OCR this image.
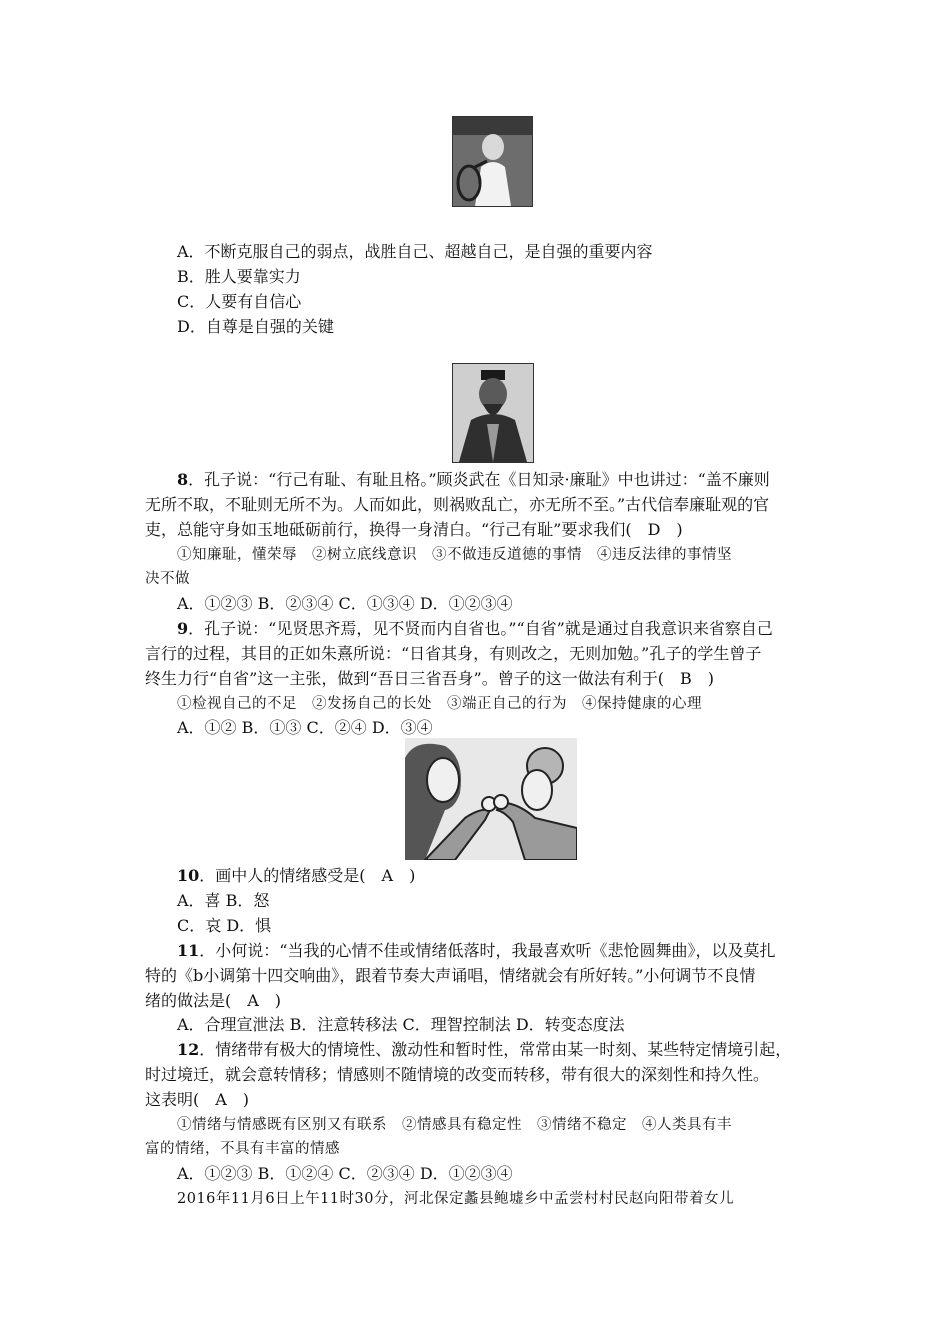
A．不断克服自己的弱点，战胜自己、超越自己，是自强的重要内容
B．胜人要靠实力
C．人要有自信心
D．自尊是自强的关键
8．孔子说：“行己有耻、有耻且格。”顾炎武在《日知录·廉耻》中也讲过：“盖不廉则
无所不取，不耻则无所不为。人而如此，则祸败乱亡，亦无所不至。”古代信奉廉耻观的官
吏，总能守身如玉地砥砺前行，换得一身清白。“行己有耻”要求我们(　D　)
①知廉耻，懂荣辱　②树立底线意识　③不做违反道德的事情　④违反法律的事情坚
决不做
A．①②③ B．②③④ C．①③④ D．①②③④
9．孔子说：“见贤思齐焉，见不贤而内自省也。”“自省”就是通过自我意识来省察自己
言行的过程，其目的正如朱熹所说：“日省其身，有则改之，无则加勉。”孔子的学生曾子
终生力行“自省”这一主张，做到“吾日三省吾身”。曾子的这一做法有利于(　B　)
①检视自己的不足　②发扬自己的长处　③端正自己的行为　④保持健康的心理
A．①② B．①③ C．②④ D．③④
10．画中人的情绪感受是(　A　)
A．喜 B．怒
C．哀 D．惧
11．小何说：“当我的心情不佳或情绪低落时，我最喜欢听《悲怆圆舞曲》，以及莫扎
特的《b小调第十四交响曲》，跟着节奏大声诵唱，情绪就会有所好转。”小何调节不良情
绪的做法是(　A　)
A．合理宣泄法 B．注意转移法 C．理智控制法 D．转变态度法
12．情绪带有极大的情境性、激动性和暂时性，常常由某一时刻、某些特定情境引起，
时过境迁，就会意转情移；情感则不随情境的改变而转移，带有很大的深刻性和持久性。
这表明(　A　)
①情绪与情感既有区别又有联系　②情感具有稳定性　③情绪不稳定　④人类具有丰
富的情绪，不具有丰富的情感
A．①②③ B．①②④ C．②③④ D．①②③④
2016年11月6日上午11时30分，河北保定蠡县鲍墟乡中孟尝村村民赵向阳带着女儿
